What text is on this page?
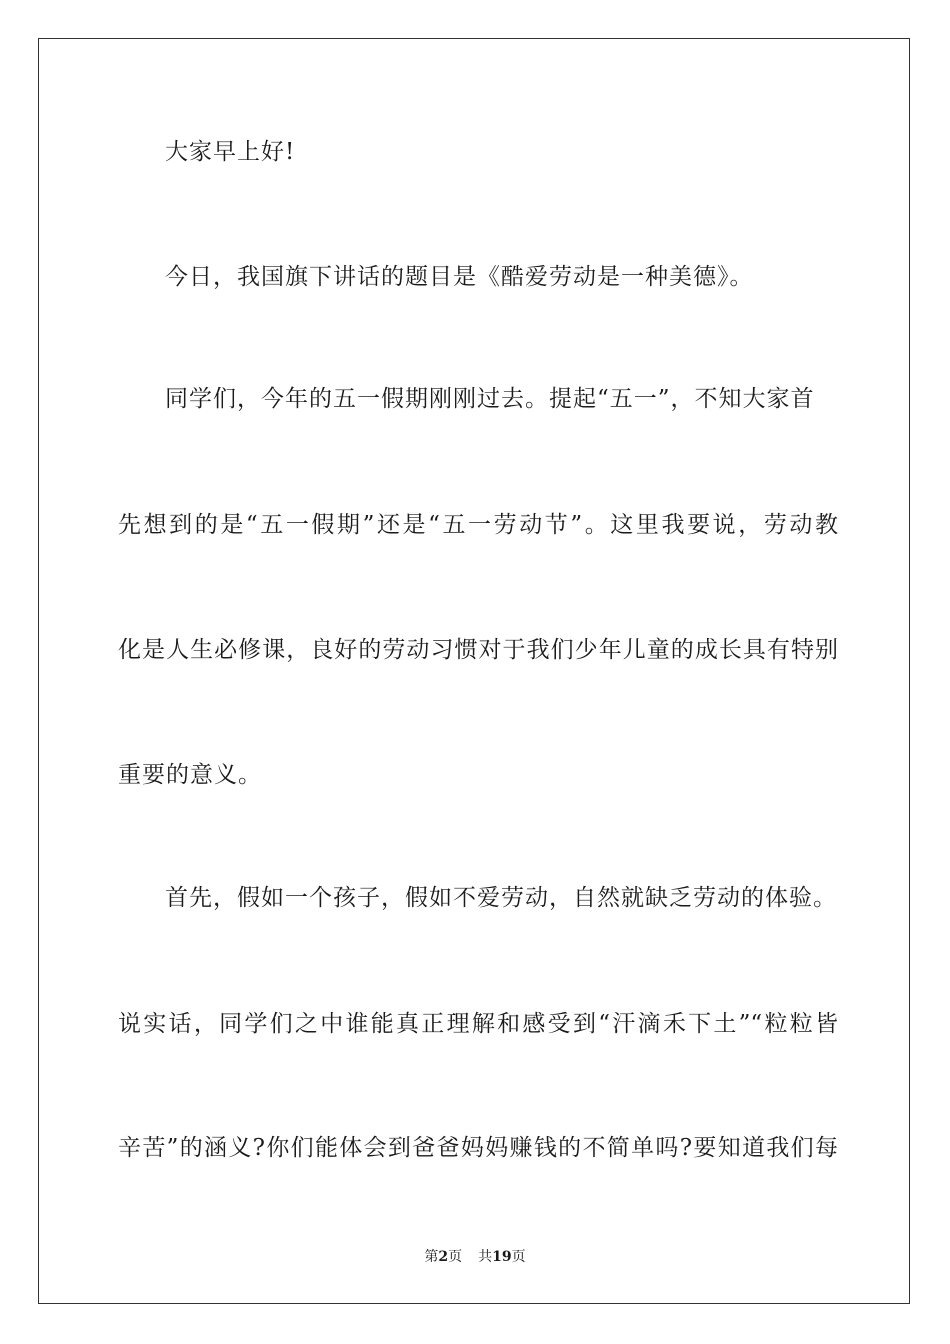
大家早上好!
今日，我国旗下讲话的题目是《酷爱劳动是一种美德》。
同学们，今年的五一假期刚刚过去。提起“五一”，不知大家首
先想到的是“五一假期”还是“五一劳动节”。这里我要说，劳动教
化是人生必修课，良好的劳动习惯对于我们少年儿童的成长具有特别
重要的意义。
首先，假如一个孩子，假如不爱劳动，自然就缺乏劳动的体验。
说实话，同学们之中谁能真正理解和感受到“汗滴禾下土”“粒粒皆
辛苦”的涵义?你们能体会到爸爸妈妈赚钱的不简单吗?要知道我们每
第2页 共19页
